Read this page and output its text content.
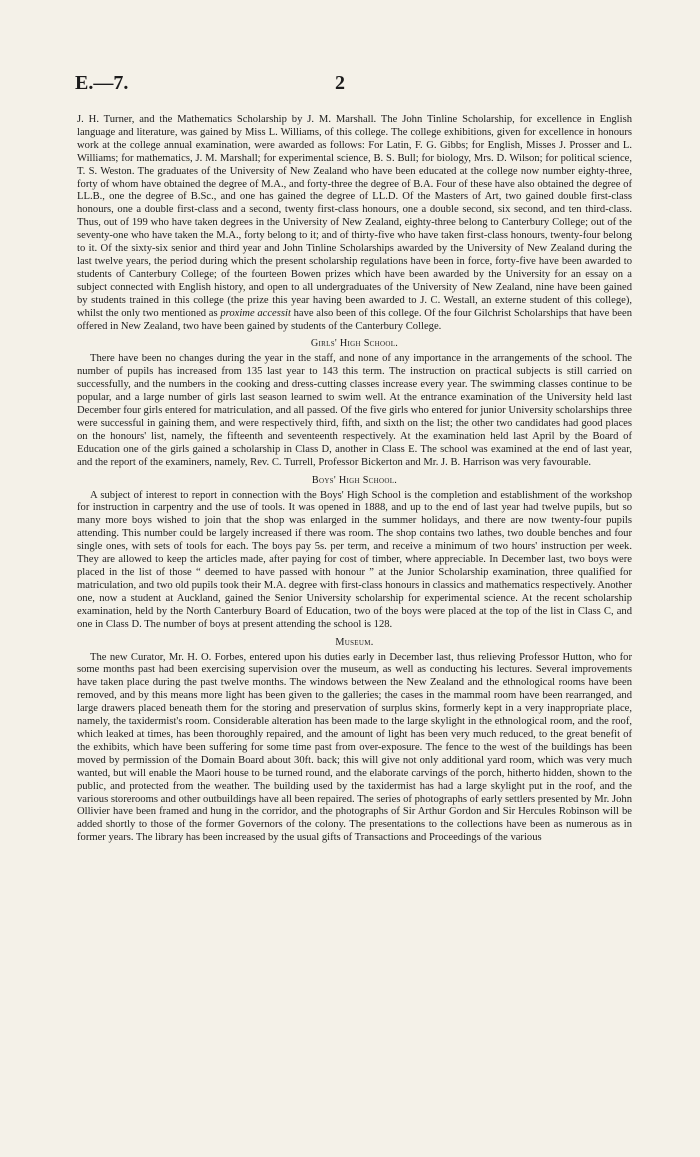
E.—7.	2

J. H. Turner, and the Mathematics Scholarship by J. M. Marshall. The John Tinline Scholarship, for excellence in English language and literature, was gained by Miss L. Williams, of this college. The college exhibitions, given for excellence in honours work at the college annual examination, were awarded as follows: For Latin, F. G. Gibbs; for English, Misses J. Prosser and L. Williams; for mathematics, J. M. Marshall; for experimental science, B. S. Bull; for biology, Mrs. D. Wilson; for political science, T. S. Weston. The graduates of the University of New Zealand who have been educated at the college now number eighty-three, forty of whom have obtained the degree of M.A., and forty-three the degree of B.A. Four of these have also obtained the degree of LL.B., one the degree of B.Sc., and one has gained the degree of LL.D. Of the Masters of Art, two gained double first-class honours, one a double first-class and a second, twenty first-class honours, one a double second, six second, and ten third-class. Thus, out of 199 who have taken degrees in the University of New Zealand, eighty-three belong to Canterbury College; out of the seventy-one who have taken the M.A., forty belong to it; and of thirty-five who have taken first-class honours, twenty-four belong to it. Of the sixty-six senior and third year and John Tinline Scholarships awarded by the University of New Zealand during the last twelve years, the period during which the present scholarship regulations have been in force, forty-five have been awarded to students of Canterbury College; of the fourteen Bowen prizes which have been awarded by the University for an essay on a subject connected with English history, and open to all undergraduates of the University of New Zealand, nine have been gained by students trained in this college (the prize this year having been awarded to J. C. Westall, an externe student of this college), whilst the only two mentioned as proxime accessit have also been of this college. Of the four Gilchrist Scholarships that have been offered in New Zealand, two have been gained by students of the Canterbury College.

Girls' High School.

There have been no changes during the year in the staff, and none of any importance in the arrangements of the school. The number of pupils has increased from 135 last year to 143 this term. The instruction on practical subjects is still carried on successfully, and the numbers in the cooking and dress-cutting classes increase every year. The swimming classes continue to be popular, and a large number of girls last season learned to swim well. At the entrance examination of the University held last December four girls entered for matriculation, and all passed. Of the five girls who entered for junior University scholarships three were successful in gaining them, and were respectively third, fifth, and sixth on the list; the other two candidates had good places on the honours' list, namely, the fifteenth and seventeenth respectively. At the examination held last April by the Board of Education one of the girls gained a scholarship in Class D, another in Class E. The school was examined at the end of last year, and the report of the examiners, namely, Rev. C. Turrell, Professor Bickerton and Mr. J. B. Harrison was very favourable.

Boys' High School.

A subject of interest to report in connection with the Boys' High School is the completion and establishment of the workshop for instruction in carpentry and the use of tools. It was opened in 1888, and up to the end of last year had twelve pupils, but so many more boys wished to join that the shop was enlarged in the summer holidays, and there are now twenty-four pupils attending. This number could be largely increased if there was room. The shop contains two lathes, two double benches and four single ones, with sets of tools for each. The boys pay 5s. per term, and receive a minimum of two hours' instruction per week. They are allowed to keep the articles made, after paying for cost of timber, where appreciable. In December last, two boys were placed in the list of those “ deemed to have passed with honour ” at the Junior Scholarship examination, three qualified for matriculation, and two old pupils took their M.A. degree with first-class honours in classics and mathematics respectively. Another one, now a student at Auckland, gained the Senior University scholarship for experimental science. At the recent scholarship examination, held by the North Canterbury Board of Education, two of the boys were placed at the top of the list in Class C, and one in Class D. The number of boys at present attending the school is 128.

Museum.

The new Curator, Mr. H. O. Forbes, entered upon his duties early in December last, thus relieving Professor Hutton, who for some months past had been exercising supervision over the museum, as well as conducting his lectures. Several improvements have taken place during the past twelve months. The windows between the New Zealand and the ethnological rooms have been removed, and by this means more light has been given to the galleries; the cases in the mammal room have been rearranged, and large drawers placed beneath them for the storing and preservation of surplus skins, formerly kept in a very inappropriate place, namely, the taxidermist's room. Considerable alteration has been made to the large skylight in the ethnological room, and the roof, which leaked at times, has been thoroughly repaired, and the amount of light has been very much reduced, to the great benefit of the exhibits, which have been suffering for some time past from over-exposure. The fence to the west of the buildings has been moved by permission of the Domain Board about 30ft. back; this will give not only additional yard room, which was very much wanted, but will enable the Maori house to be turned round, and the elaborate carvings of the porch, hitherto hidden, shown to the public, and protected from the weather. The building used by the taxidermist has had a large skylight put in the roof, and the various storerooms and other outbuildings have all been repaired. The series of photographs of early settlers presented by Mr. John Ollivier have been framed and hung in the corridor, and the photographs of Sir Arthur Gordon and Sir Hercules Robinson will be added shortly to those of the former Governors of the colony. The presentations to the collections have been as numerous as in former years. The library has been increased by the usual gifts of Transactions and Proceedings of the various
